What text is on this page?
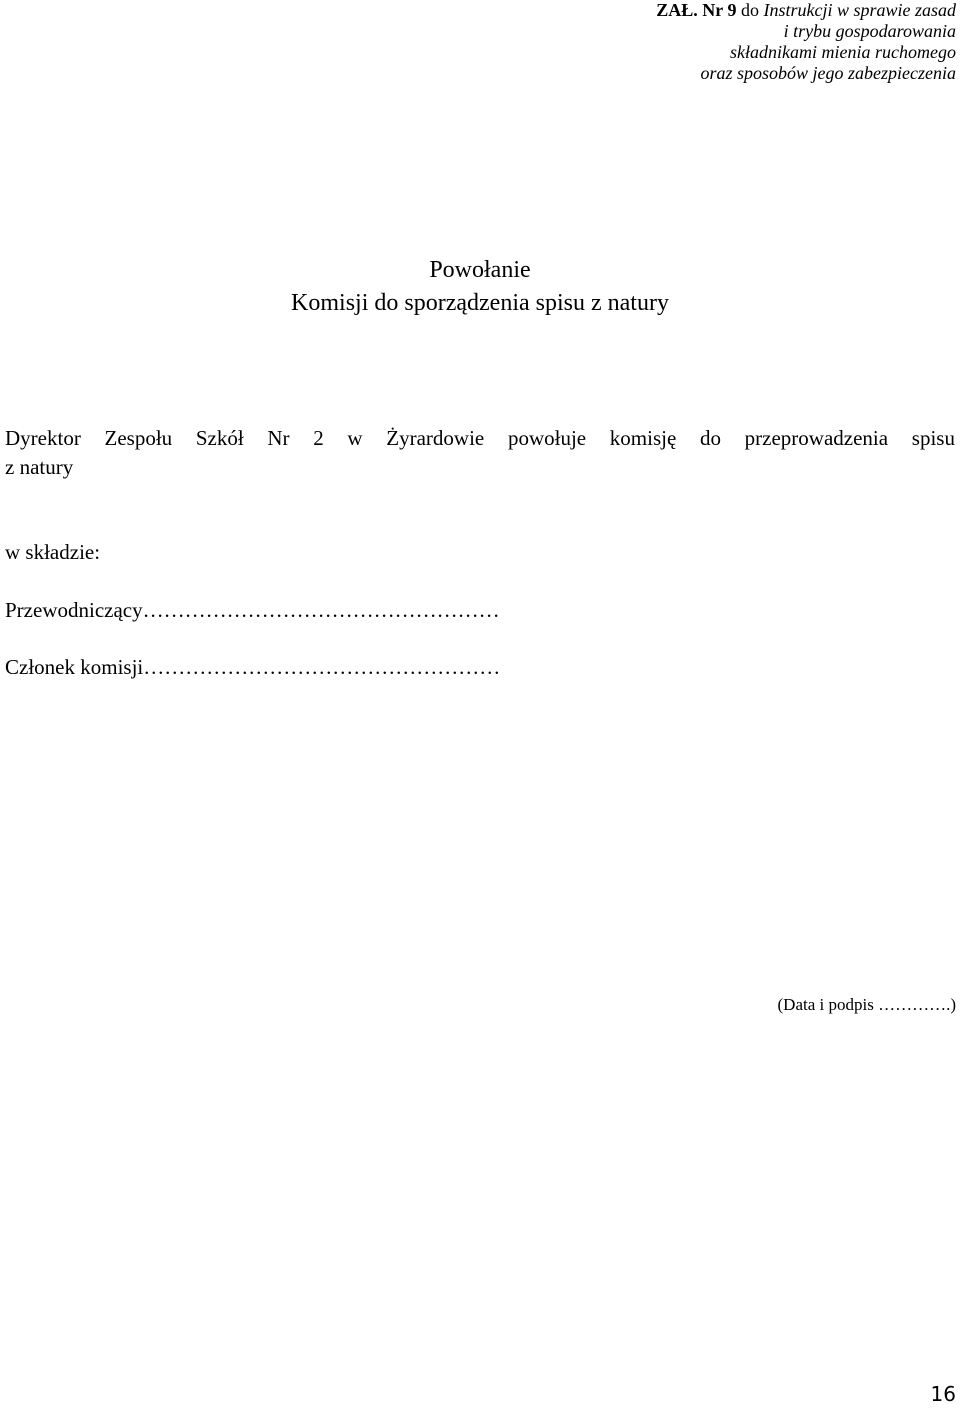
ZAŁ. Nr 9 do Instrukcji w sprawie zasad
i trybu gospodarowania
składnikami mienia ruchomego
oraz sposobów jego zabezpieczenia
Powołanie
Komisji do sporządzenia spisu z natury
Dyrektor Zespołu Szkół Nr 2 w Żyrardowie powołuje komisję do przeprowadzenia spisu
z natury
w składzie:
Przewodniczący……………………………………………
Członek komisji……………………………………………
(Data i podpis ………….)
16
